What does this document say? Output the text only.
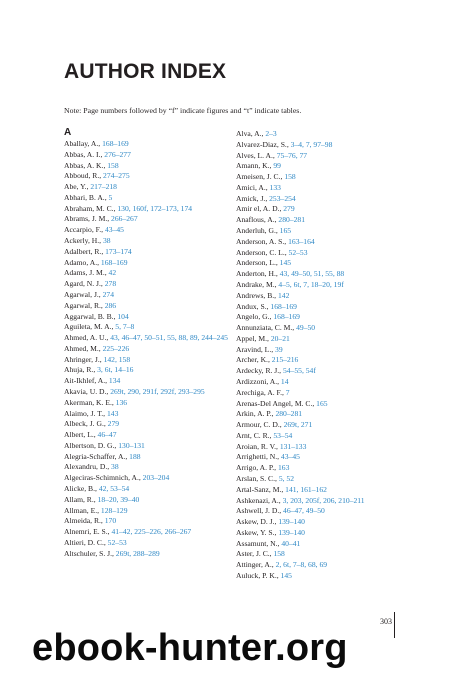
AUTHOR INDEX
Note: Page numbers followed by “f” indicate figures and “t” indicate tables.
A
Aballay, A., 168–169
Abbas, A. I., 276–277
Abbas, A. K., 158
Abboud, R., 274–275
Abe, Y., 217–218
Abhari, B. A., 5
Abraham, M. C., 130, 160f, 172–173, 174
Abrams, J. M., 266–267
Accarpio, F., 43–45
Ackerly, H., 38
Adalbert, R., 173–174
Adamo, A., 168–169
Adams, J. M., 42
Agard, N. J., 278
Agarwal, J., 274
Agarwal, R., 286
Aggarwal, B. B., 104
Aguileta, M. A., 5, 7–8
Ahmed, A. U., 43, 46–47, 50–51, 55, 88, 89, 244–245
Ahmed, M., 225–226
Ahringer, J., 142, 158
Ahuja, R., 3, 6t, 14–16
Ait-Ikhlef, A., 134
Akavia, U. D., 269t, 290, 291f, 292f, 293–295
Akerman, K. E., 136
Alaimo, J. T., 143
Albeck, J. G., 279
Albert, L., 46–47
Albertson, D. G., 130–131
Alegria-Schaffer, A., 188
Alexandru, D., 38
Algeciras-Schimnich, A., 203–204
Alicke, B., 42, 53–54
Allam, R., 18–20, 39–40
Allman, E., 128–129
Almeida, R., 170
Alnemri, E. S., 41–42, 225–226, 266–267
Altieri, D. C., 52–53
Altschuler, S. J., 269t, 288–289
Alva, A., 2–3
Alvarez-Diaz, S., 3–4, 7, 97–98
Alves, L. A., 75–76, 77
Amann, K., 99
Ameisen, J. C., 158
Amici, A., 133
Amick, J., 253–254
Amir el, A. D., 279
Anaflous, A., 280–281
Anderluh, G., 165
Anderson, A. S., 163–164
Anderson, C. L., 52–53
Anderson, L., 145
Anderton, H., 43, 49–50, 51, 55, 88
Andrake, M., 4–5, 6t, 7, 18–20, 19f
Andrews, B., 142
Andux, S., 168–169
Angelo, G., 168–169
Annunziata, C. M., 49–50
Appel, M., 20–21
Aravind, L., 39
Archer, K., 215–216
Ardecky, R. J., 54–55, 54f
Ardizzoni, A., 14
Arechiga, A. F., 7
Arenas-Del Angel, M. C., 165
Arkin, A. P., 280–281
Armour, C. D., 269t, 271
Arnt, C. R., 53–54
Aroian, R. V., 131–133
Arrighetti, N., 43–45
Arrigo, A. P., 163
Arslan, S. C., 5, 52
Artal-Sanz, M., 141, 161–162
Ashkenazi, A., 3, 203, 205f, 206, 210–211
Ashwell, J. D., 46–47, 49–50
Askew, D. J., 139–140
Askew, Y. S., 139–140
Assamunt, N., 40–41
Aster, J. C., 158
Attinger, A., 2, 6t, 7–8, 68, 69
Auluck, P. K., 145
303
ebook-hunter.org
